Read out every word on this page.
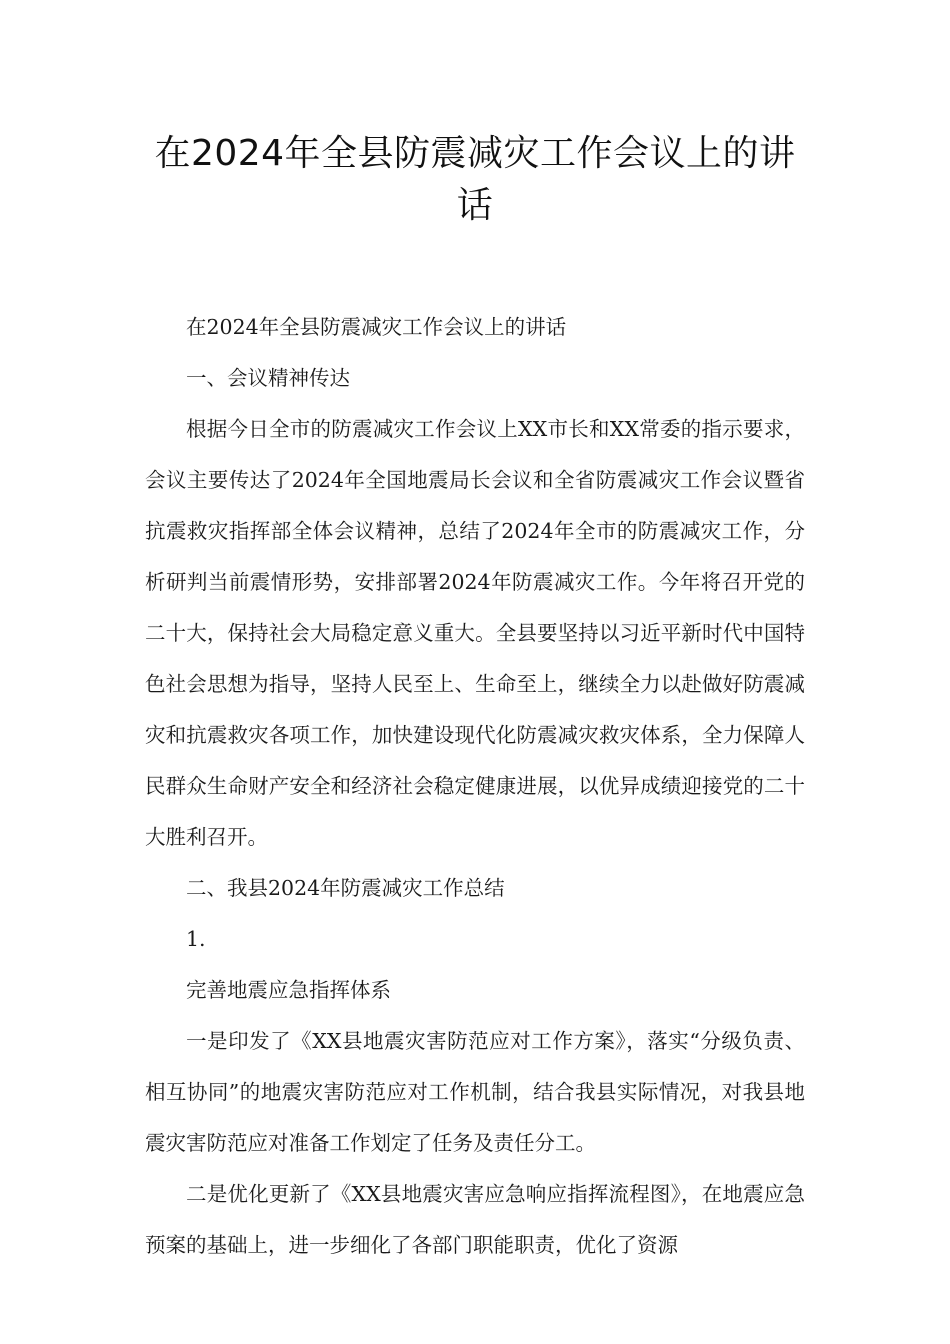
在2024年全县防震减灾工作会议上的讲话

在2024年全县防震减灾工作会议上的讲话

一、会议精神传达

根据今日全市的防震减灾工作会议上XX市长和XX常委的指示要求，会议主要传达了2024年全国地震局长会议和全省防震减灾工作会议暨省抗震救灾指挥部全体会议精神，总结了2024年全市的防震减灾工作，分析研判当前震情形势，安排部署2024年防震减灾工作。今年将召开党的二十大，保持社会大局稳定意义重大。全县要坚持以习近平新时代中国特色社会思想为指导，坚持人民至上、生命至上，继续全力以赴做好防震减灾和抗震救灾各项工作，加快建设现代化防震减灾救灾体系，全力保障人民群众生命财产安全和经济社会稳定健康进展，以优异成绩迎接党的二十大胜利召开。

二、我县2024年防震减灾工作总结

1.

完善地震应急指挥体系

一是印发了《XX县地震灾害防范应对工作方案》，落实“分级负责、相互协同”的地震灾害防范应对工作机制，结合我县实际情况，对我县地震灾害防范应对准备工作划定了任务及责任分工。

二是优化更新了《XX县地震灾害应急响应指挥流程图》，在地震应急预案的基础上，进一步细化了各部门职能职责，优化了资源
